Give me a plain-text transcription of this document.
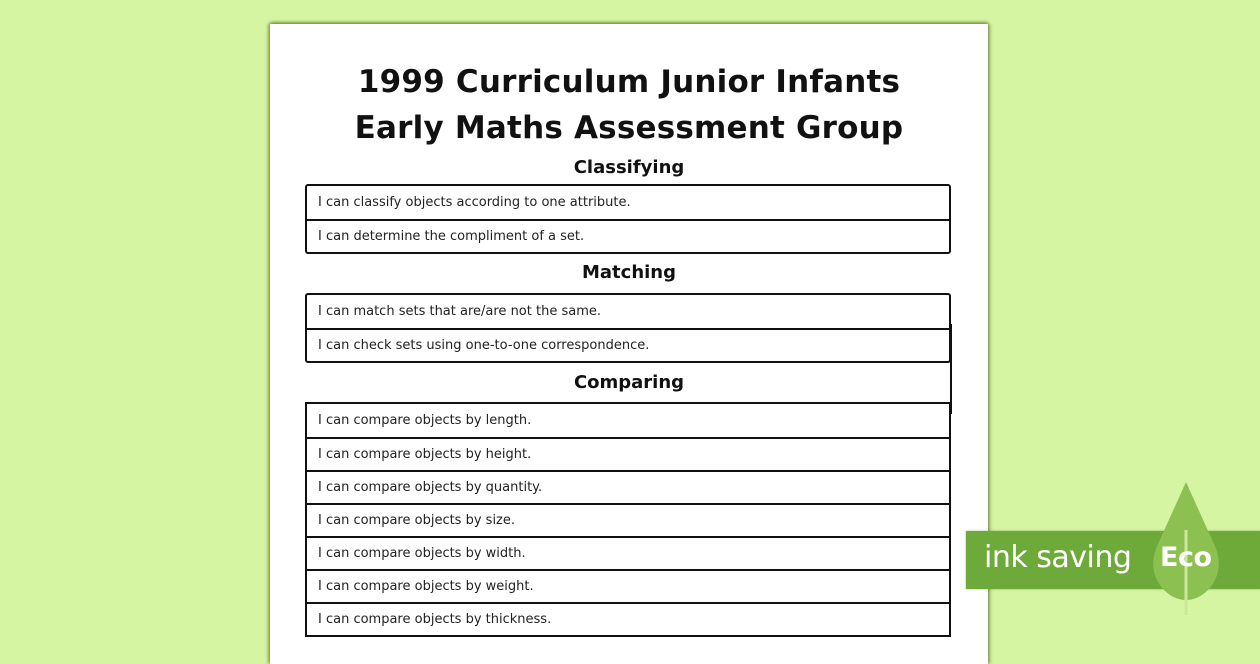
1999 Curriculum Junior Infants
Early Maths Assessment Group
Classifying
I can classify objects according to one attribute.
I can determine the compliment of a set.
Matching
I can match sets that are/are not the same.
I can check sets using one-to-one correspondence.
Comparing
I can compare objects by length.
I can compare objects by height.
I can compare objects by quantity.
I can compare objects by size.
I can compare objects by width.
I can compare objects by weight.
I can compare objects by thickness.
ink saving Eco
